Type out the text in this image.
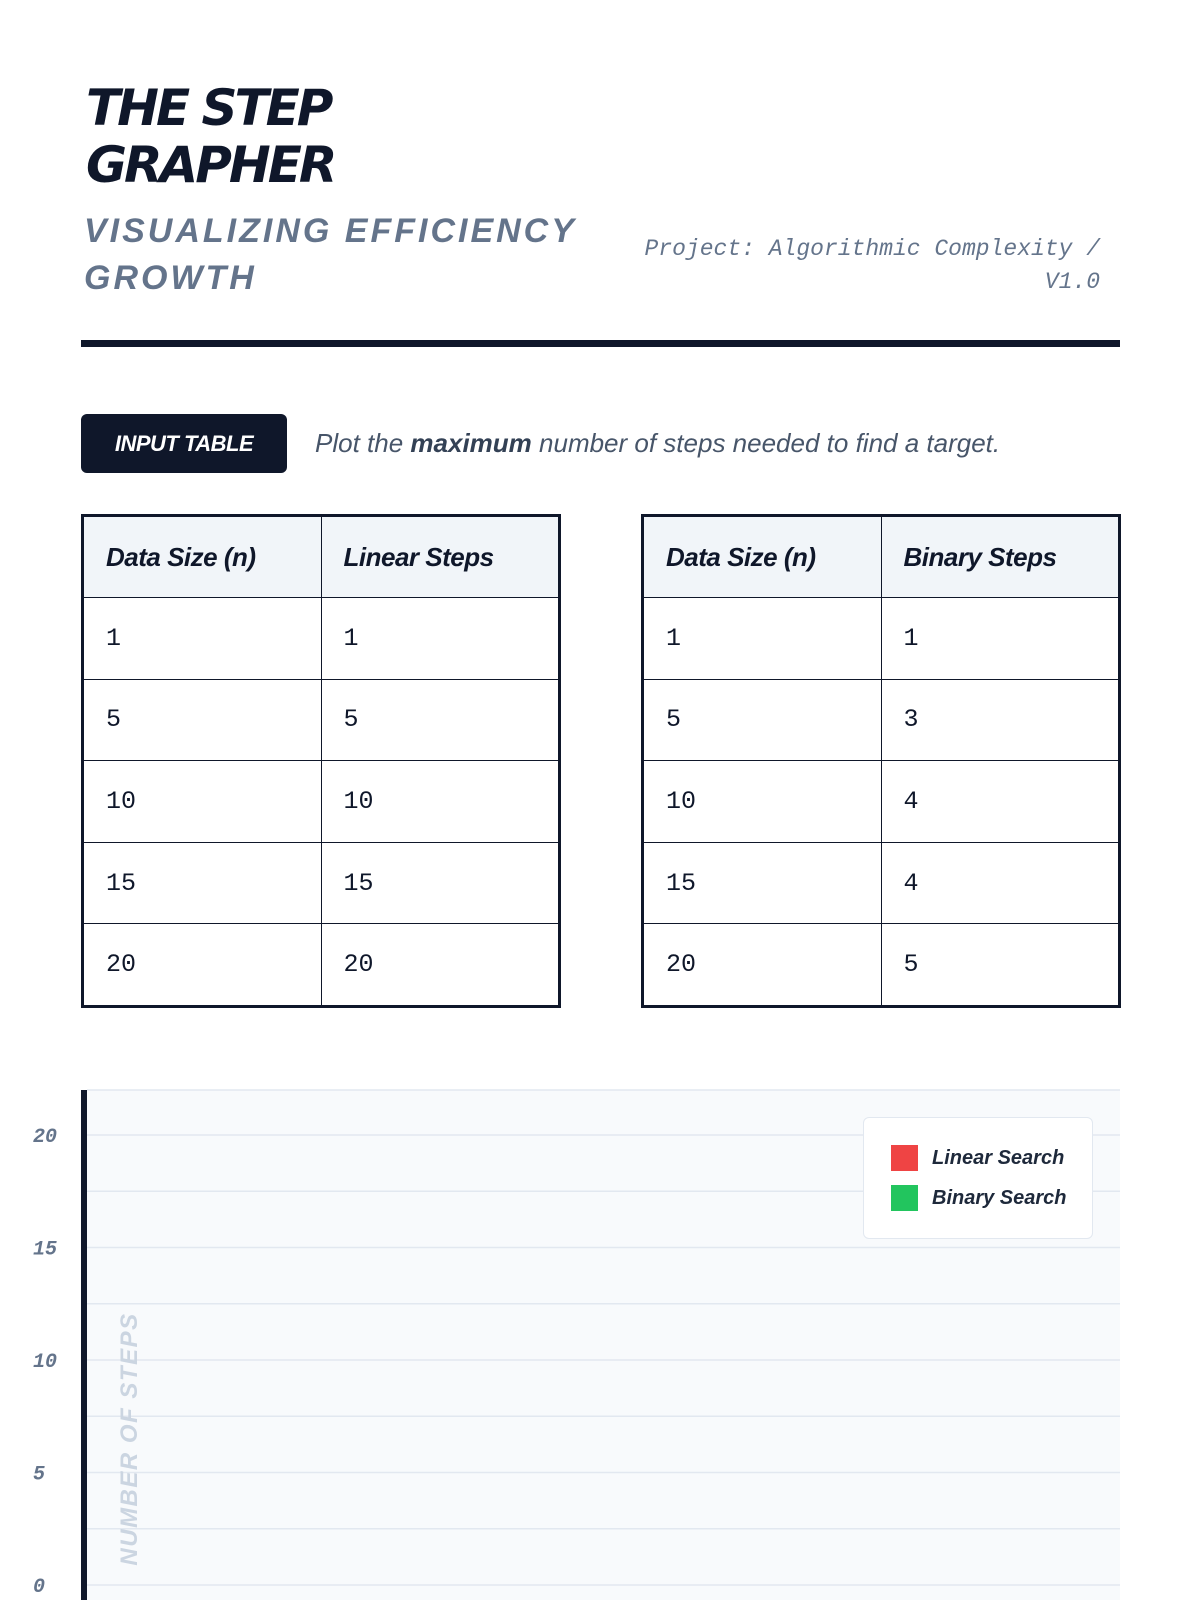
THE STEP
GRAPHER
VISUALIZING EFFICIENCY GROWTH
Project: Algorithmic Complexity / V1.0
INPUT TABLE	Plot the maximum number of steps needed to find a target.
Data Size (n)	Linear Steps
1	1
5	5
10	10
15	15
20	20
Data Size (n)	Binary Steps
1	1
5	3
10	4
15	4
20	5
20
15
10
5
0
NUMBER OF STEPS
Linear Search
Binary Search
